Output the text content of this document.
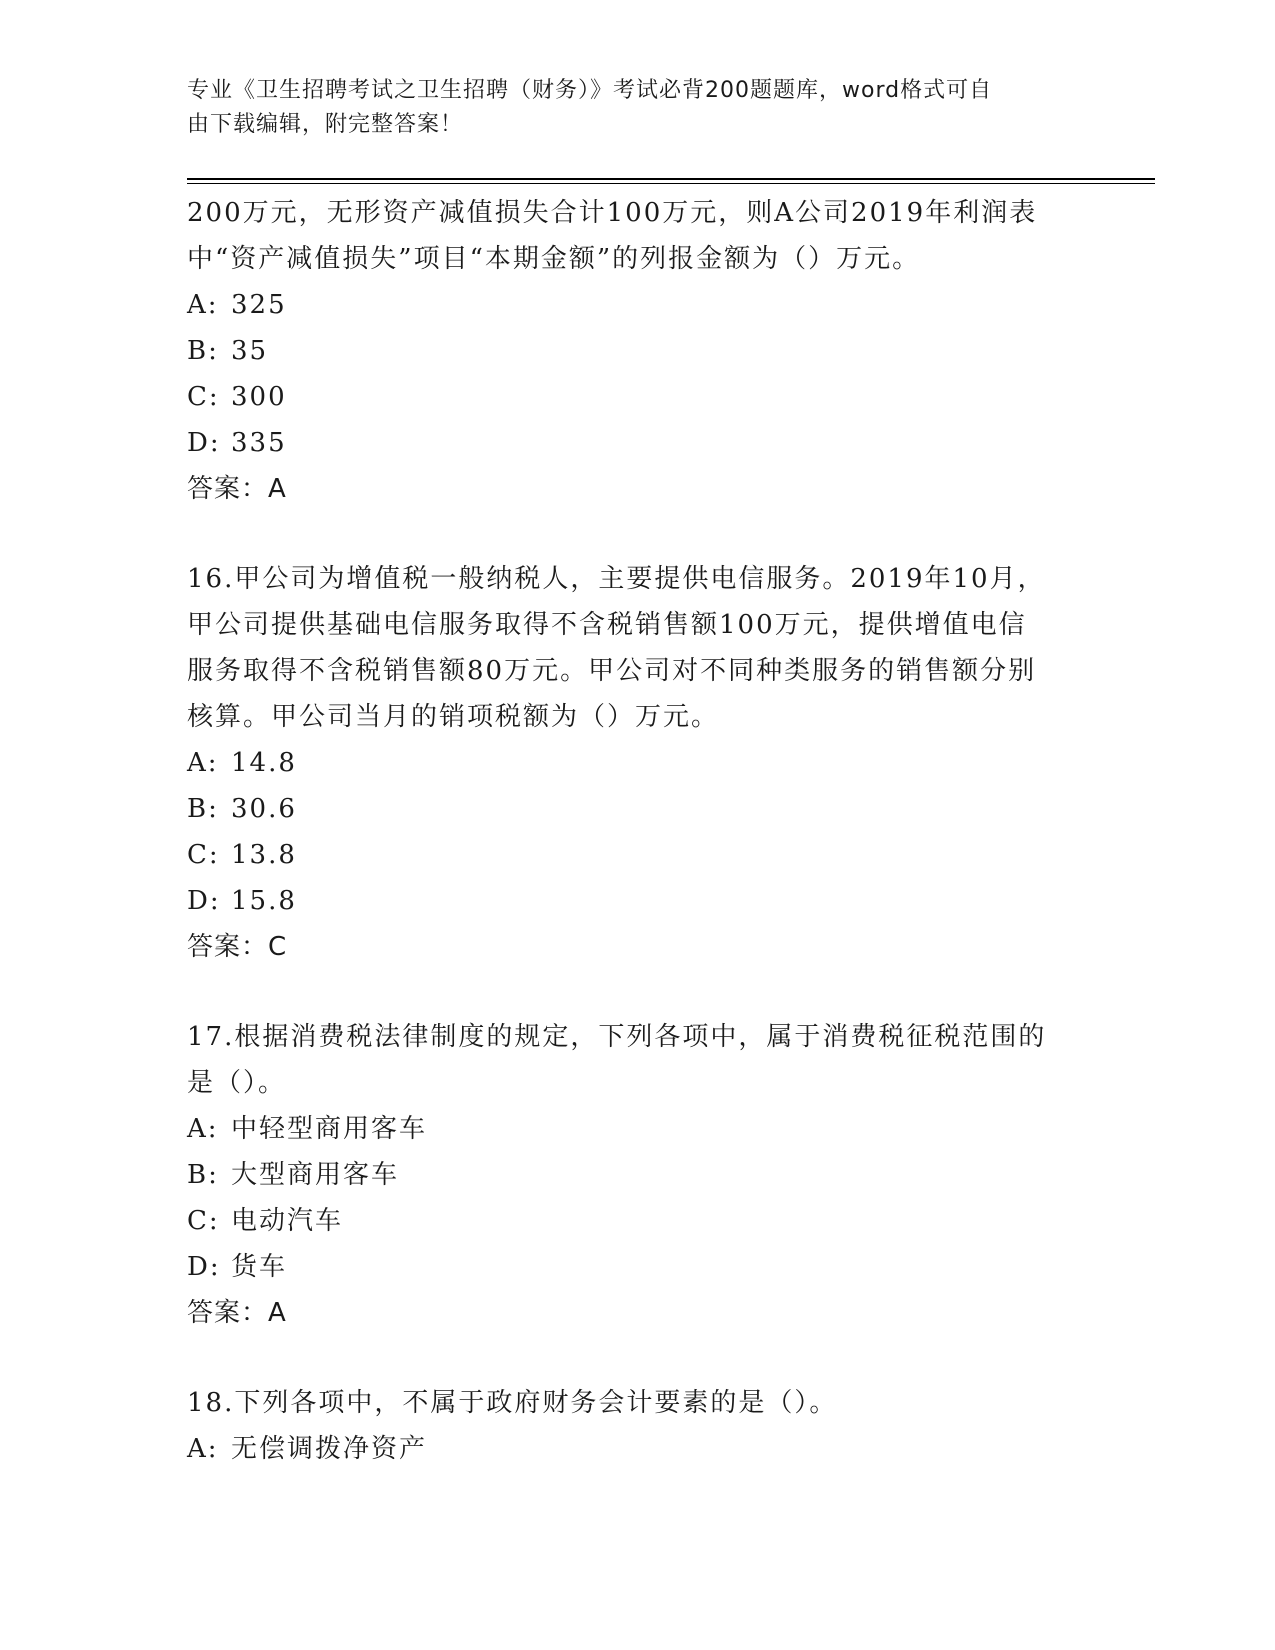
专业《卫生招聘考试之卫生招聘（财务）》考试必背200题题库，word格式可自
由下载编辑，附完整答案！
200万元，无形资产减值损失合计100万元，则A公司2019年利润表
中“资产减值损失”项目“本期金额”的列报金额为（）万元。
A: 325
B: 35
C: 300
D: 335
答案：A
16.甲公司为增值税一般纳税人，主要提供电信服务。2019年10月，
甲公司提供基础电信服务取得不含税销售额100万元，提供增值电信
服务取得不含税销售额80万元。甲公司对不同种类服务的销售额分别
核算。甲公司当月的销项税额为（）万元。
A: 14.8
B: 30.6
C: 13.8
D: 15.8
答案：C
17.根据消费税法律制度的规定，下列各项中，属于消费税征税范围的
是（）。
A: 中轻型商用客车
B: 大型商用客车
C: 电动汽车
D: 货车
答案：A
18.下列各项中，不属于政府财务会计要素的是（）。
A: 无偿调拨净资产
